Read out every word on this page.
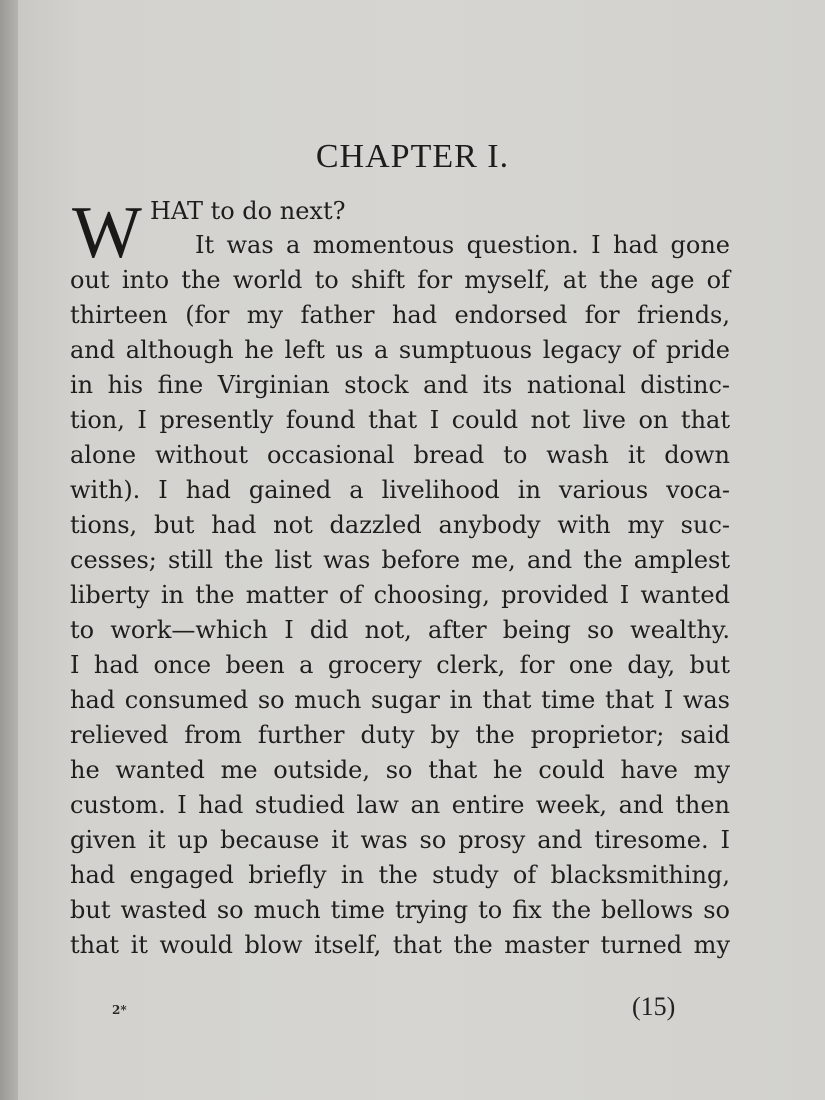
CHAPTER I.
W HAT to do next?
It was a momentous question. I had gone
out into the world to shift for myself, at the age of
thirteen (for my father had endorsed for friends,
and although he left us a sumptuous legacy of pride
in his fine Virginian stock and its national distinc-
tion, I presently found that I could not live on that
alone without occasional bread to wash it down
with). I had gained a livelihood in various voca-
tions, but had not dazzled anybody with my suc-
cesses; still the list was before me, and the amplest
liberty in the matter of choosing, provided I wanted
to work—which I did not, after being so wealthy.
I had once been a grocery clerk, for one day, but
had consumed so much sugar in that time that I was
relieved from further duty by the proprietor; said
he wanted me outside, so that he could have my
custom. I had studied law an entire week, and then
given it up because it was so prosy and tiresome. I
had engaged briefly in the study of blacksmithing,
but wasted so much time trying to fix the bellows so
that it would blow itself, that the master turned my
2*	(15)
